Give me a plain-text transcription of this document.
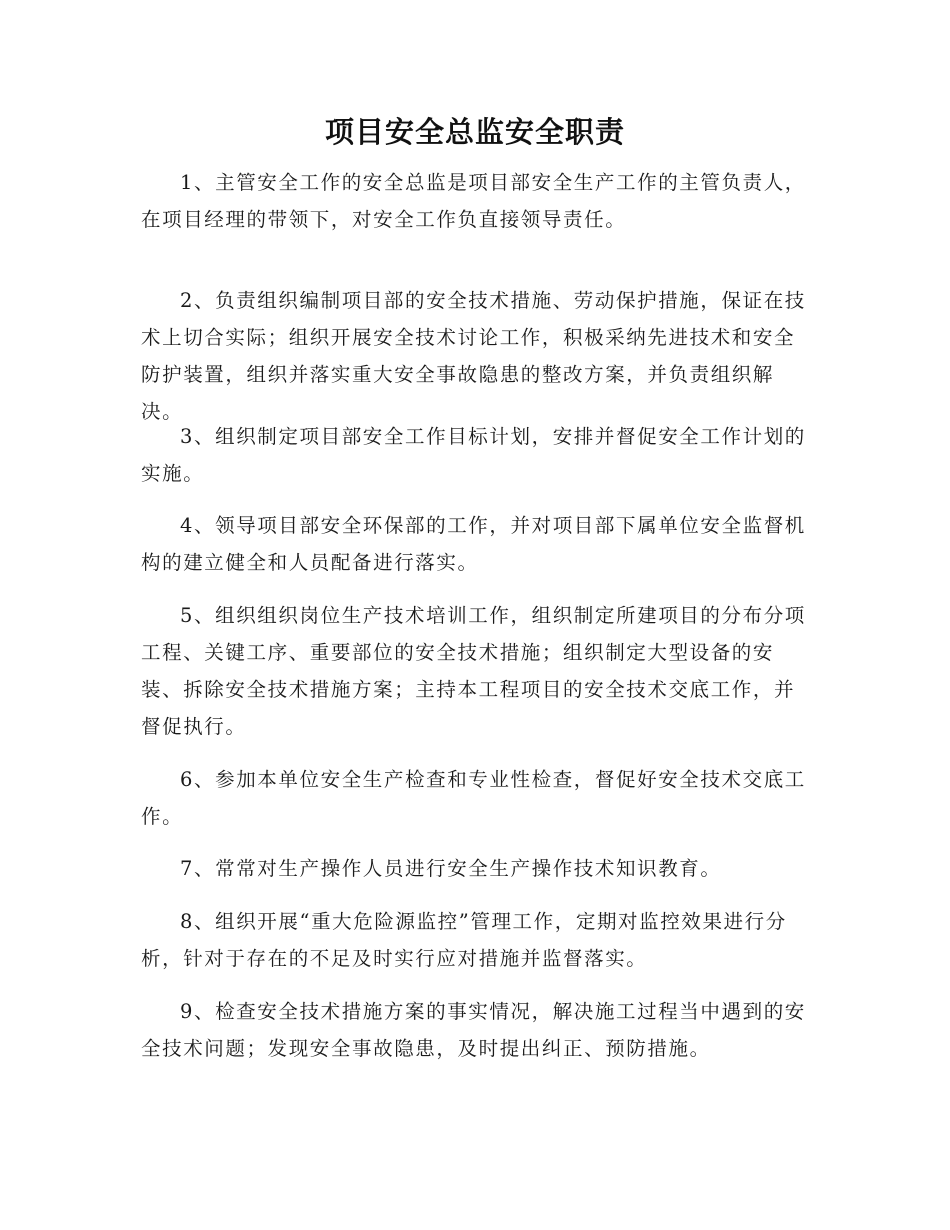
项目安全总监安全职责

1、主管安全工作的安全总监是项目部安全生产工作的主管负责人，在项目经理的带领下，对安全工作负直接领导责任。

2、负责组织编制项目部的安全技术措施、劳动保护措施，保证在技术上切合实际；组织开展安全技术讨论工作，积极采纳先进技术和安全防护装置，组织并落实重大安全事故隐患的整改方案，并负责组织解决。

3、组织制定项目部安全工作目标计划，安排并督促安全工作计划的实施。

4、领导项目部安全环保部的工作，并对项目部下属单位安全监督机构的建立健全和人员配备进行落实。

5、组织组织岗位生产技术培训工作，组织制定所建项目的分布分项工程、关键工序、重要部位的安全技术措施；组织制定大型设备的安装、拆除安全技术措施方案；主持本工程项目的安全技术交底工作，并督促执行。

6、参加本单位安全生产检查和专业性检查，督促好安全技术交底工作。

7、常常对生产操作人员进行安全生产操作技术知识教育。

8、组织开展“重大危险源监控”管理工作，定期对监控效果进行分析，针对于存在的不足及时实行应对措施并监督落实。

9、检查安全技术措施方案的事实情况，解决施工过程当中遇到的安全技术问题；发现安全事故隐患，及时提出纠正、预防措施。
